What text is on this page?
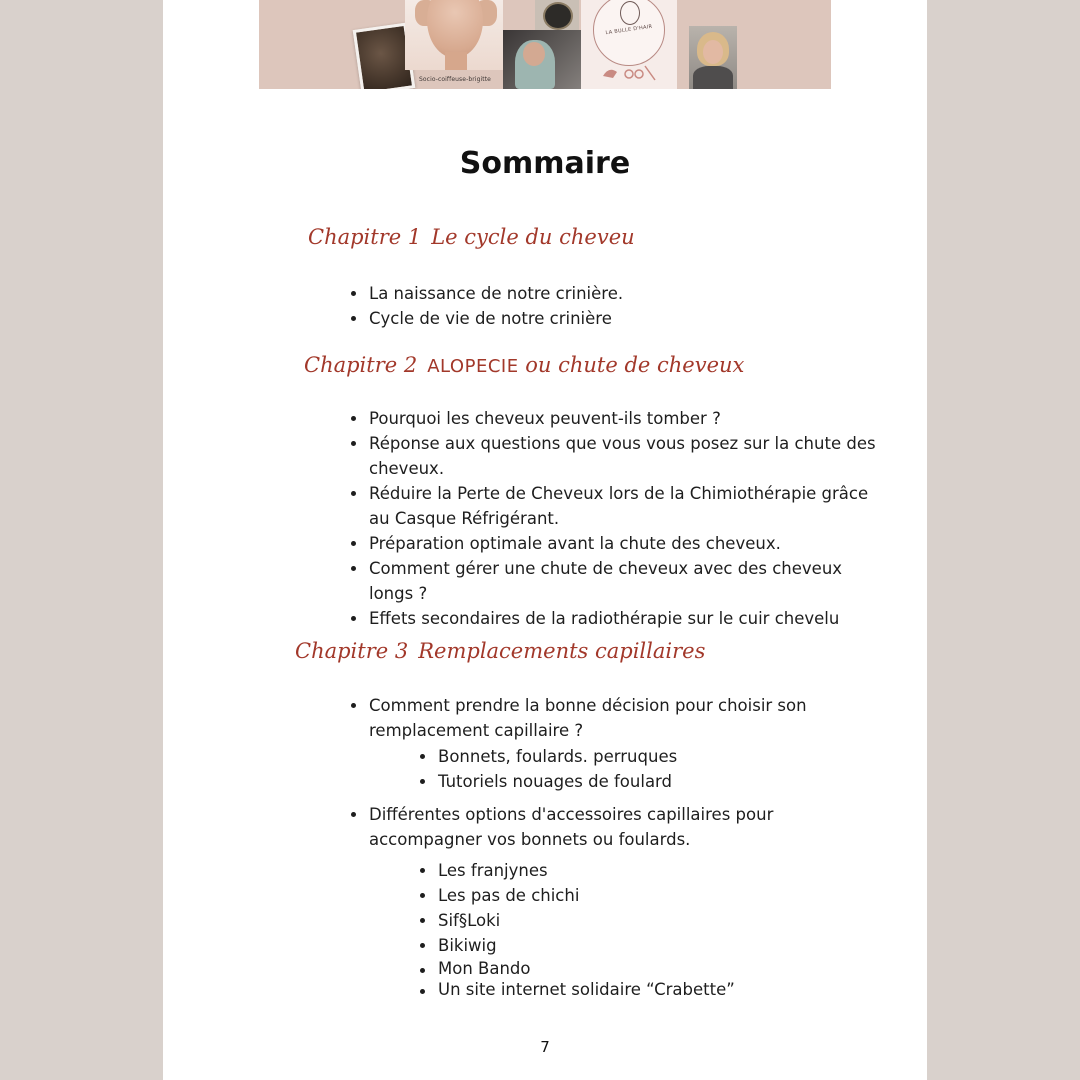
LA BULLE D'HAIR
Socio-coiffeuse-brigitte
Sommaire
Chapitre 1 Le cycle du cheveu
La naissance de notre crinière.
Cycle de vie de notre crinière
Chapitre 2 ALOPECIE ou chute de cheveux
Pourquoi les cheveux peuvent-ils tomber ?
Réponse aux questions que vous vous posez sur la chute des cheveux.
Réduire la Perte de Cheveux lors de la Chimiothérapie grâce au Casque Réfrigérant.
Préparation optimale avant la chute des cheveux.
Comment gérer une chute de cheveux avec des cheveux longs ?
Effets secondaires de la radiothérapie sur le cuir chevelu
Chapitre 3 Remplacements capillaires
Comment prendre la bonne décision pour choisir son remplacement capillaire ?
Bonnets, foulards. perruques
Tutoriels nouages de foulard
Différentes options d'accessoires capillaires pour accompagner vos bonnets ou foulards.
Les franjynes
Les pas de chichi
Sif§Loki
Bikiwig
Mon Bando
Un site internet solidaire “Crabette”
7
